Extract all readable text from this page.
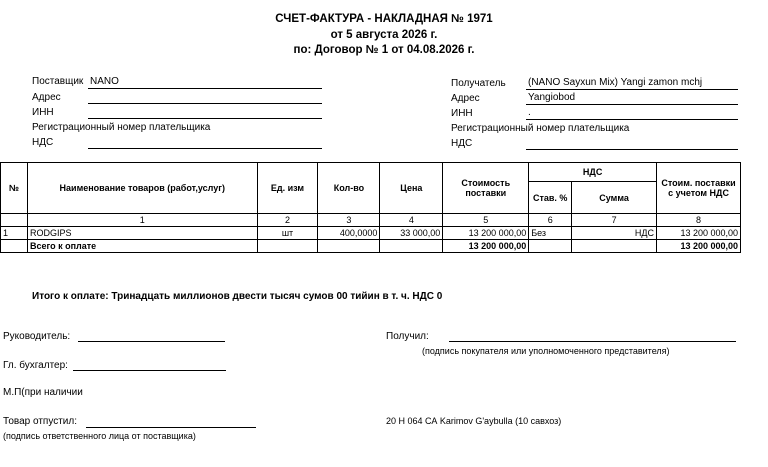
СЧЕТ-ФАКТУРА - НАКЛАДНАЯ № 1971
от 5 августа 2026 г.
по: Договор № 1 от 04.08.2026 г.
Поставщик NANO
Адрес
ИНН
Регистрационный номер плательщика
НДС
Получатель (NANO Sayxun Mix) Yangi zamon mchj
Адрес	Yangiobod
ИНН	.
Регистрационный номер плательщика
НДС
№	Наименование товаров (работ,услуг)	Ед. изм	Кол-во	Цена	Стоимость поставки	НДС		Стоим. поставки с учетом НДС
						Став. %	Сумма	
	1	2	3	4	5	6	7	8
1	RODGIPS	шт	400,0000	33 000,00	13 200 000,00	Без	НДС	13 200 000,00
	Всего к оплате				13 200 000,00			13 200 000,00
Итого к оплате: Тринадцать миллионов двести тысяч сумов 00 тийин в т. ч. НДС 0
Руководитель:
Гл. бухгалтер:
М.П(при наличии
Товар отпустил:
(подпись ответственного лица от поставщика)
Получил:
(подпись покупателя или уполномоченного представителя)
20 Н 064 СА Karimov G'aybulla (10 савхоз)
